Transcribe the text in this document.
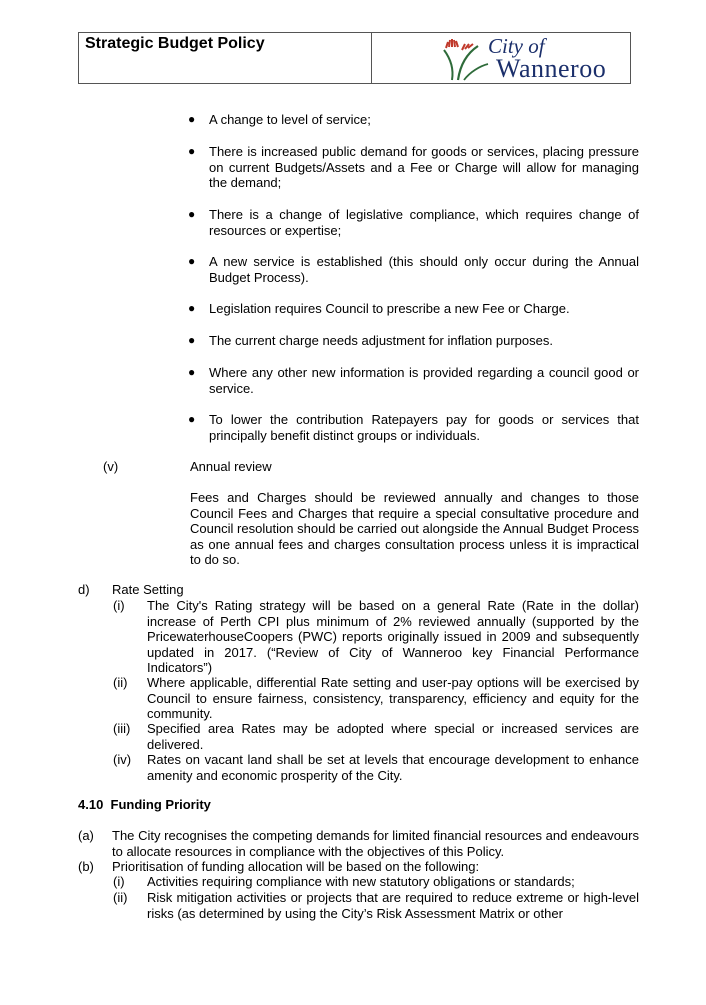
Strategic Budget Policy	City of
Wanneroo
● A change to level of service;
● There is increased public demand for goods or services, placing pressure on current Budgets/Assets and a Fee or Charge will allow for managing the demand;
● There is a change of legislative compliance, which requires change of resources or expertise;
● A new service is established (this should only occur during the Annual Budget Process).
● Legislation requires Council to prescribe a new Fee or Charge.
● The current charge needs adjustment for inflation purposes.
● Where any other new information is provided regarding a council good or service.
● To lower the contribution Ratepayers pay for goods or services that principally benefit distinct groups or individuals.
(v)	Annual review
Fees and Charges should be reviewed annually and changes to those Council Fees and Charges that require a special consultative procedure and Council resolution should be carried out alongside the Annual Budget Process as one annual fees and charges consultation process unless it is impractical to do so.
d) Rate Setting
(i) The City's Rating strategy will be based on a general Rate (Rate in the dollar) increase of Perth CPI plus minimum of 2% reviewed annually (supported by the PricewaterhouseCoopers (PWC) reports originally issued in 2009 and subsequently updated in 2017. (“Review of City of Wanneroo key Financial Performance Indicators”)
(ii) Where applicable, differential Rate setting and user-pay options will be exercised by Council to ensure fairness, consistency, transparency, efficiency and equity for the community.
(iii) Specified area Rates may be adopted where special or increased services are delivered.
(iv) Rates on vacant land shall be set at levels that encourage development to enhance amenity and economic prosperity of the City.
4.10  Funding Priority
(a) The City recognises the competing demands for limited financial resources and endeavours to allocate resources in compliance with the objectives of this Policy.
(b) Prioritisation of funding allocation will be based on the following:
(i) Activities requiring compliance with new statutory obligations or standards;
(ii) Risk mitigation activities or projects that are required to reduce extreme or high-level risks (as determined by using the City’s Risk Assessment Matrix or other
